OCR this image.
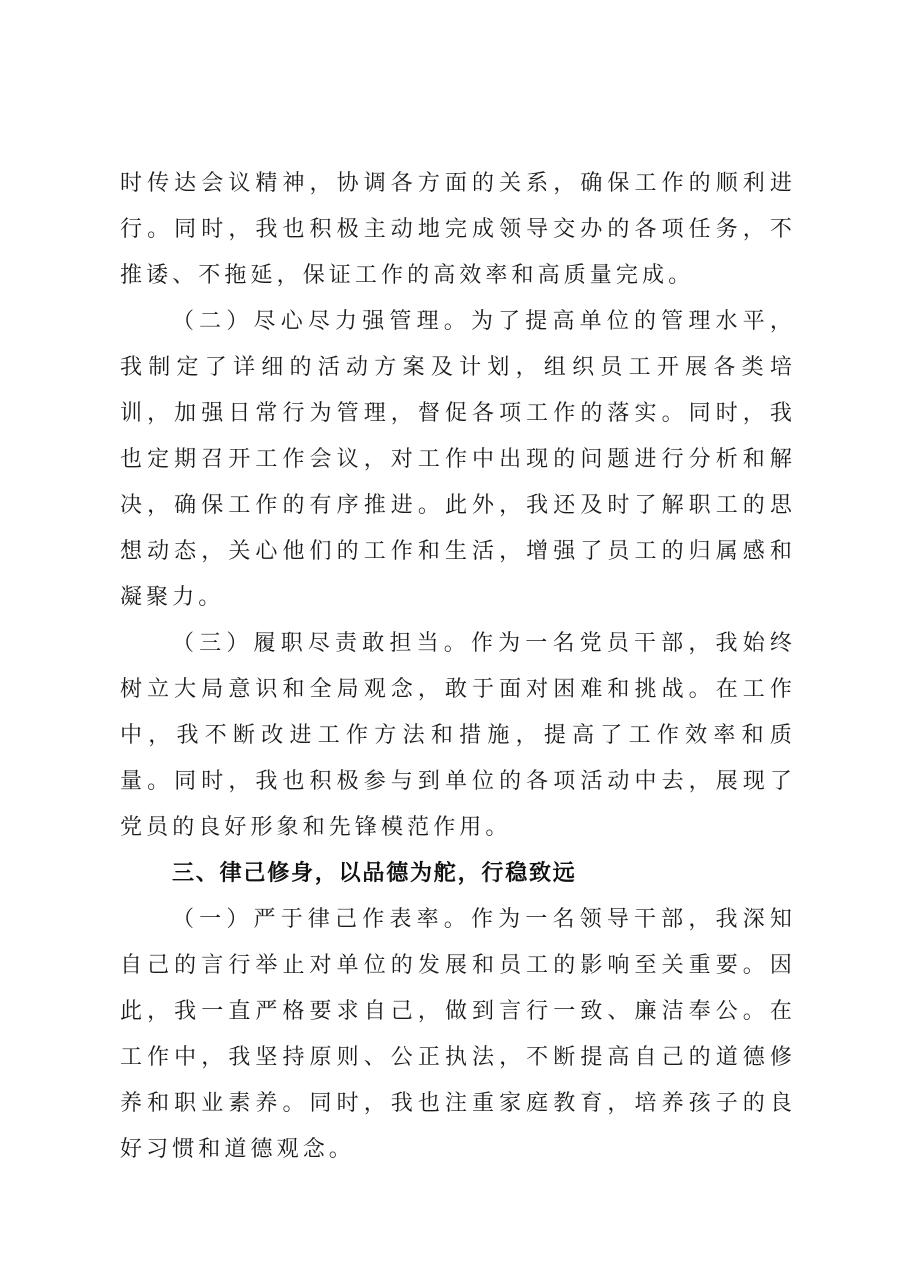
时传达会议精神，协调各方面的关系，确保工作的顺利进行。同时，我也积极主动地完成领导交办的各项任务，不推诿、不拖延，保证工作的高效率和高质量完成。

（二）尽心尽力强管理。为了提高单位的管理水平，我制定了详细的活动方案及计划，组织员工开展各类培训，加强日常行为管理，督促各项工作的落实。同时，我也定期召开工作会议，对工作中出现的问题进行分析和解决，确保工作的有序推进。此外，我还及时了解职工的思想动态，关心他们的工作和生活，增强了员工的归属感和凝聚力。

（三）履职尽责敢担当。作为一名党员干部，我始终树立大局意识和全局观念，敢于面对困难和挑战。在工作中，我不断改进工作方法和措施，提高了工作效率和质量。同时，我也积极参与到单位的各项活动中去，展现了党员的良好形象和先锋模范作用。

三、律己修身，以品德为舵，行稳致远

（一）严于律己作表率。作为一名领导干部，我深知自己的言行举止对单位的发展和员工的影响至关重要。因此，我一直严格要求自己，做到言行一致、廉洁奉公。在工作中，我坚持原则、公正执法，不断提高自己的道德修养和职业素养。同时，我也注重家庭教育，培养孩子的良好习惯和道德观念。
